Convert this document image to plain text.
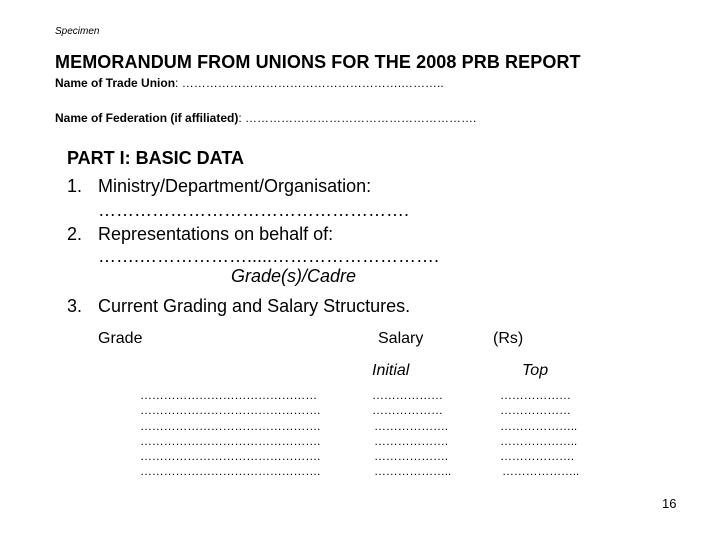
Specimen
MEMORANDUM FROM UNIONS FOR THE 2008 PRB REPORT
Name of Trade Union: ……………………………………………….………..
Name of Federation (if affiliated): ………………………………………………….
PART I: BASIC DATA
1. Ministry/Department/Organisation:
…………………………………………….
2. Representations on behalf of:
…….……………….....……………………….
Grade(s)/Cadre
3. Current Grading and Salary Structures.
Grade	Salary	(Rs)
Initial	Top
………………………………………	………………	………………
……………………………………….	………………	………………
……………………………………….	……………….	………………..
……………………………………….	……………….	………………..
……………………………………….	……………….	……………….
……………………………………….	………………..	………………..
16
